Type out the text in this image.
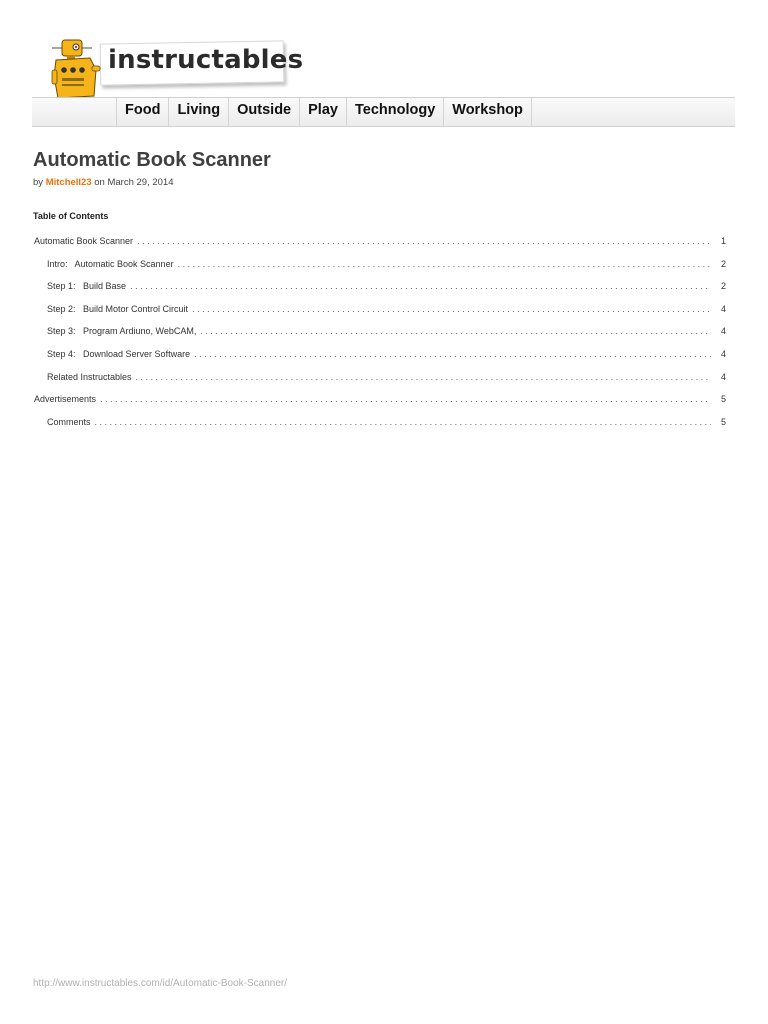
instructables
Food	Living	Outside	Play	Technology	Workshop
Automatic Book Scanner
by Mitchell23 on March 29, 2014
Table of Contents
Automatic Book Scanner . . .	1
Intro:   Automatic Book Scanner . . .	2
Step 1:   Build Base . . .	2
Step 2:   Build Motor Control Circuit . . .	4
Step 3:   Program Ardiuno, WebCAM, . . .	4
Step 4:   Download Server Software . . .	4
Related Instructables . . .	4
Advertisements . . .	5
Comments . . .	5
http://www.instructables.com/id/Automatic-Book-Scanner/
